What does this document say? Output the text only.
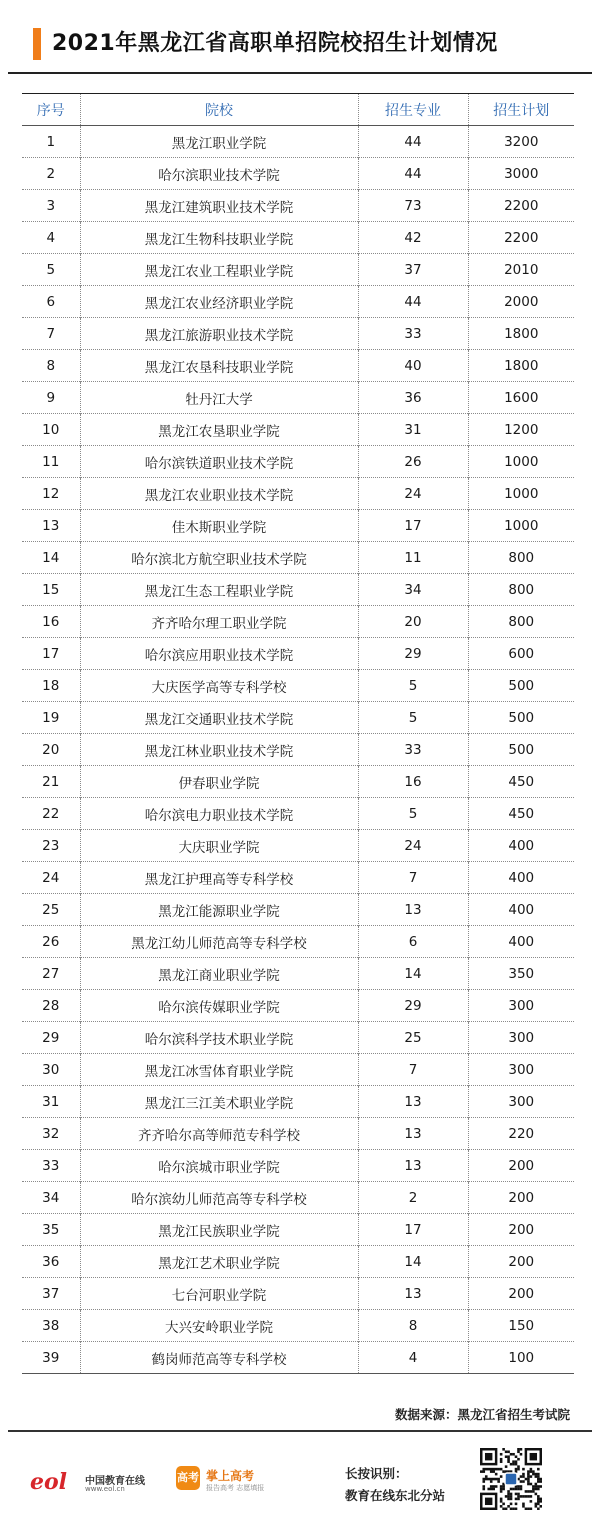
2021年黑龙江省高职单招院校招生计划情况
序号	院校	招生专业	招生计划
1	黑龙江职业学院	44	3200
2	哈尔滨职业技术学院	44	3000
3	黑龙江建筑职业技术学院	73	2200
4	黑龙江生物科技职业学院	42	2200
5	黑龙江农业工程职业学院	37	2010
6	黑龙江农业经济职业学院	44	2000
7	黑龙江旅游职业技术学院	33	1800
8	黑龙江农垦科技职业学院	40	1800
9	牡丹江大学	36	1600
10	黑龙江农垦职业学院	31	1200
11	哈尔滨铁道职业技术学院	26	1000
12	黑龙江农业职业技术学院	24	1000
13	佳木斯职业学院	17	1000
14	哈尔滨北方航空职业技术学院	11	800
15	黑龙江生态工程职业学院	34	800
16	齐齐哈尔理工职业学院	20	800
17	哈尔滨应用职业技术学院	29	600
18	大庆医学高等专科学校	5	500
19	黑龙江交通职业技术学院	5	500
20	黑龙江林业职业技术学院	33	500
21	伊春职业学院	16	450
22	哈尔滨电力职业技术学院	5	450
23	大庆职业学院	24	400
24	黑龙江护理高等专科学校	7	400
25	黑龙江能源职业学院	13	400
26	黑龙江幼儿师范高等专科学校	6	400
27	黑龙江商业职业学院	14	350
28	哈尔滨传媒职业学院	29	300
29	哈尔滨科学技术职业学院	25	300
30	黑龙江冰雪体育职业学院	7	300
31	黑龙江三江美术职业学院	13	300
32	齐齐哈尔高等师范专科学校	13	220
33	哈尔滨城市职业学院	13	200
34	哈尔滨幼儿师范高等专科学校	2	200
35	黑龙江民族职业学院	17	200
36	黑龙江艺术职业学院	14	200
37	七台河职业学院	13	200
38	大兴安岭职业学院	8	150
39	鹤岗师范高等专科学校	4	100
数据来源：黑龙江省招生考试院
eol 中国教育在线
www.eol.cn
高考 掌上高考
报告高考 志愿填报
长按识别：
教育在线东北分站
